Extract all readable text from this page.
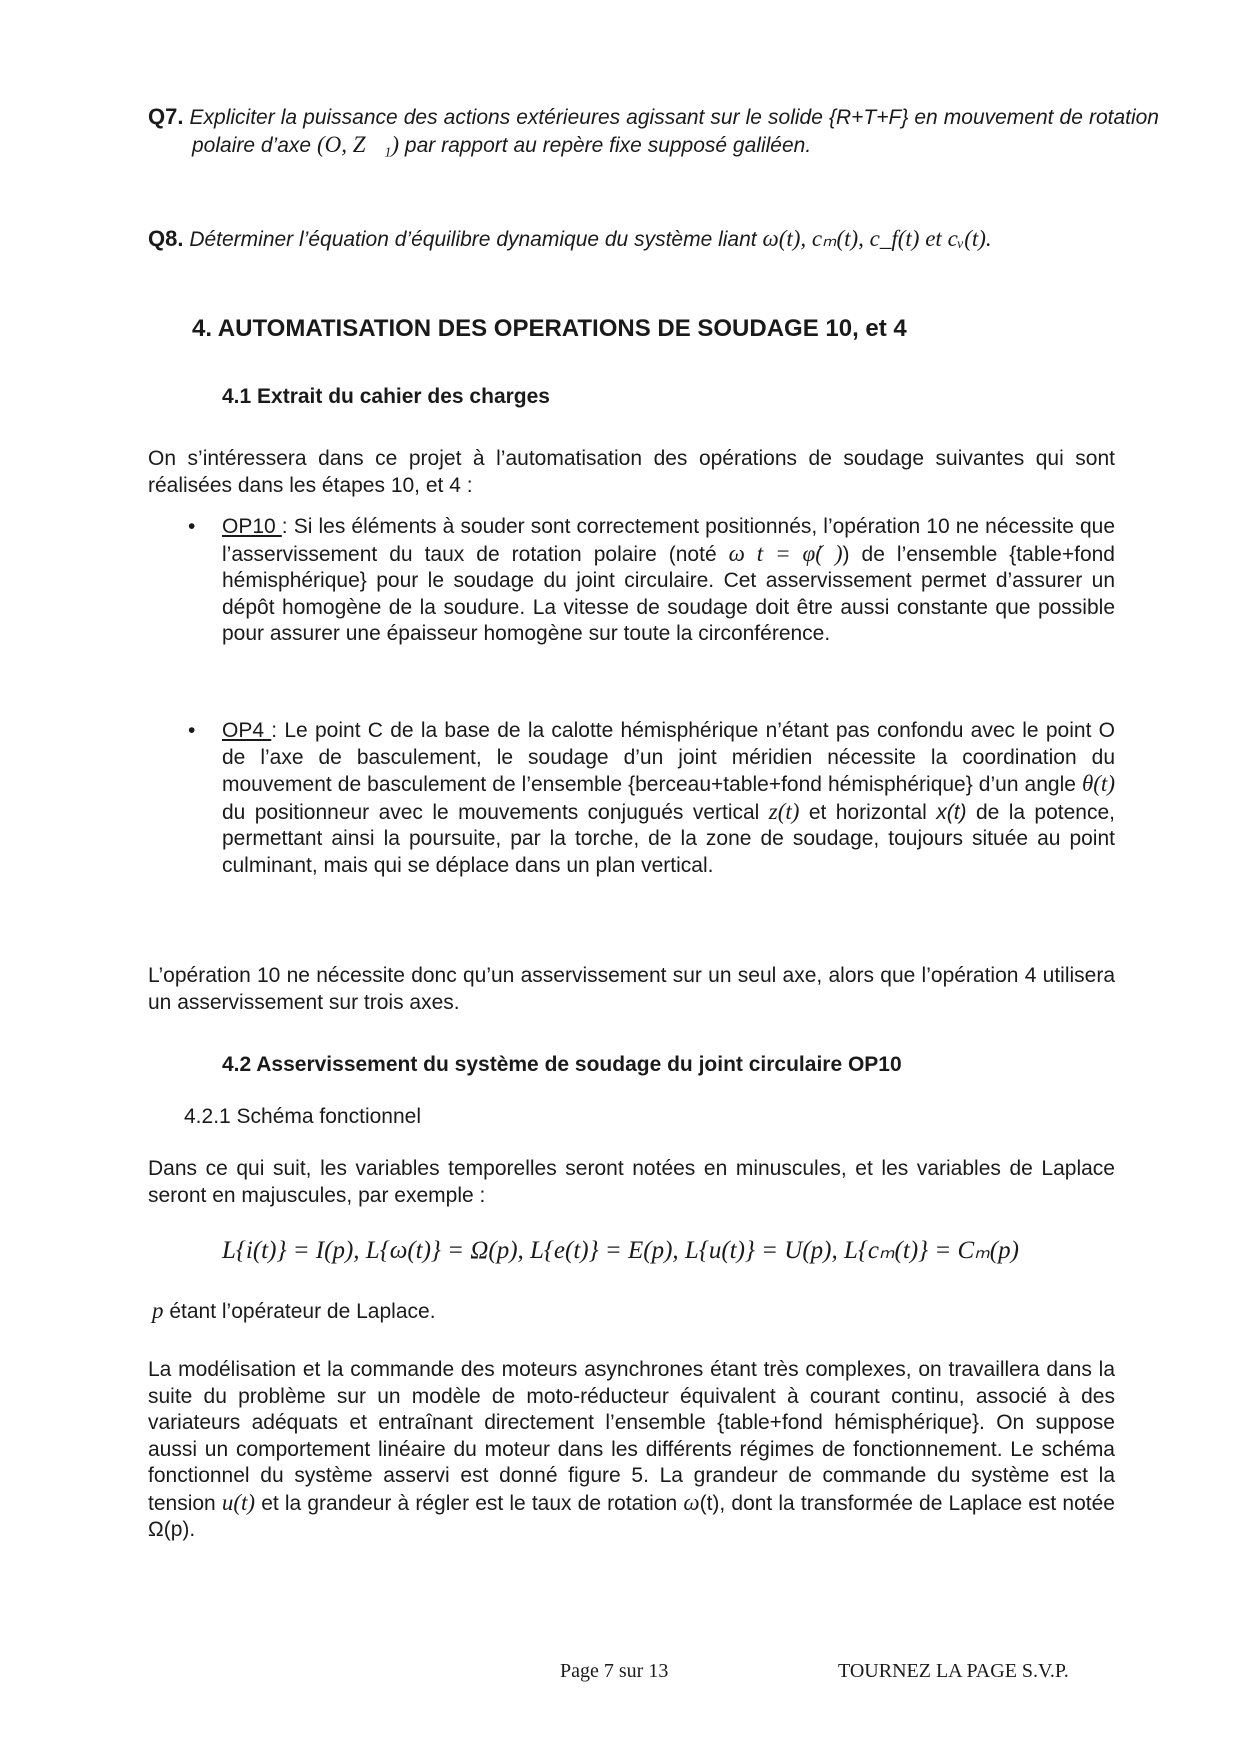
Q7. Expliciter la puissance des actions extérieures agissant sur le solide {R+T+F} en mouvement de rotation polaire d’axe (O, Z⃗₁) par rapport au repère fixe supposé galiléen.
Q8. Déterminer l’équation d’équilibre dynamique du système liant ω(t), cₘ(t), c_f(t) et cᵥ(t).
4. AUTOMATISATION DES OPERATIONS DE SOUDAGE 10, et 4
4.1 Extrait du cahier des charges
On s’intéressera dans ce projet à l’automatisation des opérations de soudage suivantes qui sont réalisées dans les étapes 10, et 4 :
• OP10 : Si les éléments à souder sont correctement positionnés, l’opération 10 ne nécessite que l’asservissement du taux de rotation polaire (noté ω t = φ̇( )) de l’ensemble {table+fond hémisphérique} pour le soudage du joint circulaire. Cet asservissement permet d’assurer un dépôt homogène de la soudure. La vitesse de soudage doit être aussi constante que possible pour assurer une épaisseur homogène sur toute la circonférence.
• OP4 : Le point C de la base de la calotte hémisphérique n’étant pas confondu avec le point O de l’axe de basculement, le soudage d’un joint méridien nécessite la coordination du mouvement de basculement de l’ensemble {berceau+table+fond hémisphérique} d’un angle θ(t) du positionneur avec le mouvements conjugués vertical z(t) et horizontal x(t) de la potence, permettant ainsi la poursuite, par la torche, de la zone de soudage, toujours située au point culminant, mais qui se déplace dans un plan vertical.
L’opération 10 ne nécessite donc qu’un asservissement sur un seul axe, alors que l’opération 4 utilisera un asservissement sur trois axes.
4.2 Asservissement du système de soudage du joint circulaire OP10
4.2.1 Schéma fonctionnel
Dans ce qui suit, les variables temporelles seront notées en minuscules, et les variables de Laplace seront en majuscules, par exemple :
L{i(t)} = I(p), L{ω(t)} = Ω(p), L{e(t)} = E(p), L{u(t)} = U(p), L{cₘ(t)} = Cₘ(p)
p étant l’opérateur de Laplace.
La modélisation et la commande des moteurs asynchrones étant très complexes, on travaillera dans la suite du problème sur un modèle de moto-réducteur équivalent à courant continu, associé à des variateurs adéquats et entraînant directement l’ensemble {table+fond hémisphérique}. On suppose aussi un comportement linéaire du moteur dans les différents régimes de fonctionnement. Le schéma fonctionnel du système asservi est donné figure 5. La grandeur de commande du système est la tension u(t) et la grandeur à régler est le taux de rotation ω(t), dont la transformée de Laplace est notée Ω(p).
Page 7 sur 13	TOURNEZ LA PAGE S.V.P.
